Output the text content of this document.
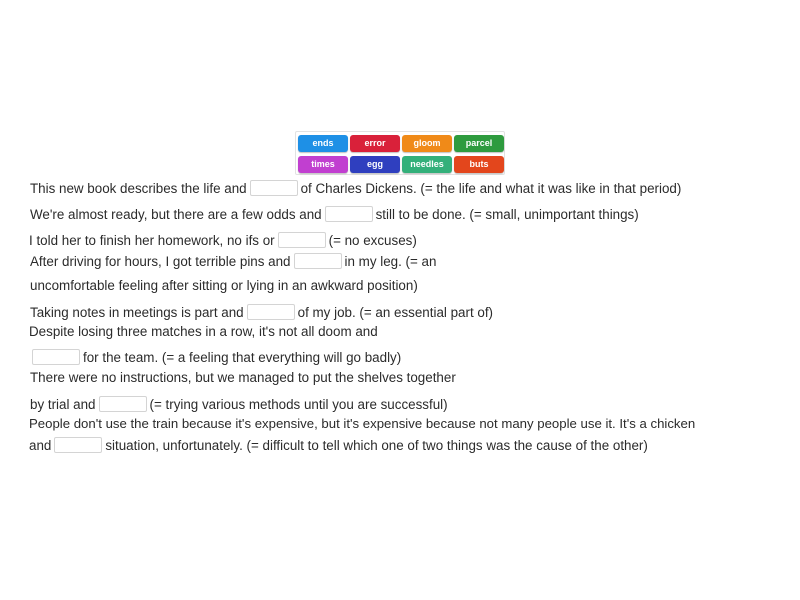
ends	error	gloom	parcel
times	egg	needles	buts
This new book describes the life and	of Charles Dickens. (= the life and what it was like in that period)
We're almost ready, but there are a few odds and	still to be done. (= small, unimportant things)
I told her to finish her homework, no ifs or	(= no excuses)
After driving for hours, I got terrible pins and	in my leg. (= an
uncomfortable feeling after sitting or lying in an awkward position)
Taking notes in meetings is part and	of my job. (= an essential part of)
Despite losing three matches in a row, it's not all doom and
for the team. (= a feeling that everything will go badly)
There were no instructions, but we managed to put the shelves together
by trial and	(= trying various methods until you are successful)
People don't use the train because it's expensive, but it's expensive because not many people use it. It's a chicken
and	situation, unfortunately. (= difficult to tell which one of two things was the cause of the other)
